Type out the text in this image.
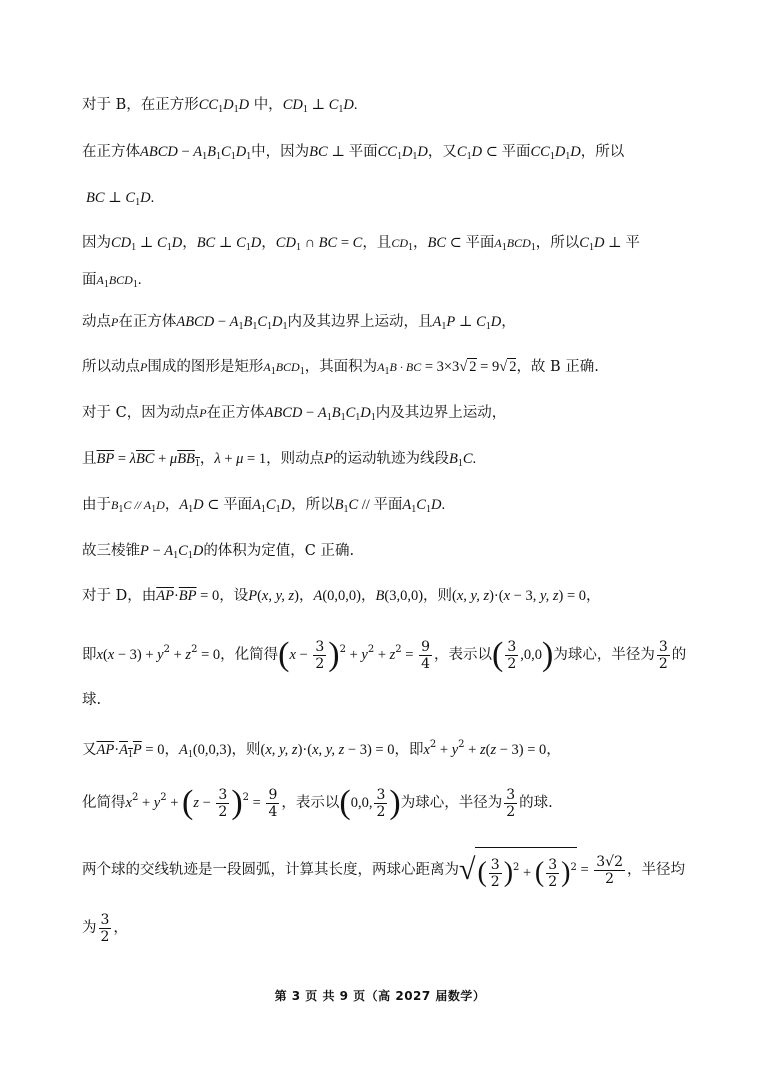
对于 B，在正方形$CC_1D_1D$ 中，$CD_1$ ⊥ $C_1D$.
在正方体ABCD − $A_1B_1C_1D_1$中，因为BC ⊥ 平面$CC_1D_1D$，又$C_1D$ ⊂ 平面$CC_1D_1D$，所以
BC ⊥ $C_1D$.
因为$CD_1$ ⊥ $C_1D$，BC ⊥ $C_1D$，$CD_1$ ∩ BC = C，且$CD_1$，BC ⊂ 平面$A_1BCD_1$，所以$C_1D$ ⊥ 平
面$A_1BCD_1$.
动点P在正方体ABCD − $A_1B_1C_1D_1$内及其边界上运动，且$A_1P$ ⊥ $C_1D$，
所以动点P围成的图形是矩形$A_1BCD_1$，其面积为$A_1B$ · BC = 3×3√ 2 = 9√ 2，故 B 正确.
对于 C，因为动点P在正方体ABCD − $A_1B_1C_1D_1$内及其边界上运动，
且$\overline{BP} = \lambda\overline{BC} + \mu BB_1$，λ + μ = 1，则动点P的运动轨迹为线段$B_1C$.
由于$B_1C // A_1D$，$A_1D$ ⊂ 平面$A_1C_1D$，所以$B_1C$ // 平面$A_1C_1D$.
故三棱锥$P - A_1C_1D$的体积为定值，C 正确.
对于 D，由$\overline{AP}\cdot\overline{BP} = 0$，设P(x, y, z)，A(0,0,0)，B(3,0,0)，则(x, y, z)·(x − 3, y, z) = 0，
即$x(x - 3) + y^2 + z^2 = 0$，化简得$(x - \frac{3}{2} )^2 + y^2 + z^2 = \frac{9}{4}$ ，表示以( $\frac{3}{2} ,0,0$)为球心，半径为 $\frac{3}{2}$ 的
球.
又$\overline{AP}\cdot A_1P = 0$，$A_1(0,0,3)$，则(x, y, z)·(x, y, z − 3) = 0，即$x^2 + y^2 + z(z - 3) = 0$，
化简得$x^2 + y^2 + (z - \frac{3}{2} )^2 = \frac{9}{4}$ ，表示以(0,0, $\frac{3}{2}$ )为球心，半径为 $\frac{3}{2}$ 的球.
两个球的交线轨迹是一段圆弧，计算其长度，两球心距离为√( $\frac{3}{2} )^2$ + ( $\frac{3}{2} )^2 = \frac{3√2}{2}$ ，半径均
为 $\frac{3}{2}$ ，
第 3 页 共 9 页（高 2027 届数学）
